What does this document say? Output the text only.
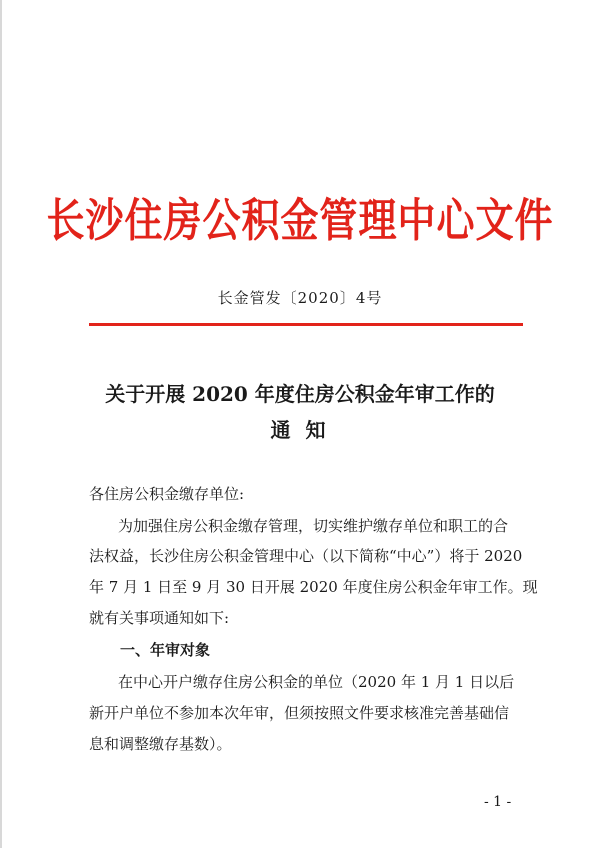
长沙住房公积金管理中心文件
长金管发〔2020〕4号
关于开展 2020 年度住房公积金年审工作的
通 知
各住房公积金缴存单位:
为加强住房公积金缴存管理，切实维护缴存单位和职工的合
法权益，长沙住房公积金管理中心（以下简称“中心”）将于 2020
年 7 月 1 日至 9 月 30 日开展 2020 年度住房公积金年审工作。现
就有关事项通知如下:
一、年审对象
在中心开户缴存住房公积金的单位（2020 年 1 月 1 日以后
新开户单位不参加本次年审，但须按照文件要求核准完善基础信
息和调整缴存基数）。
- 1 -
